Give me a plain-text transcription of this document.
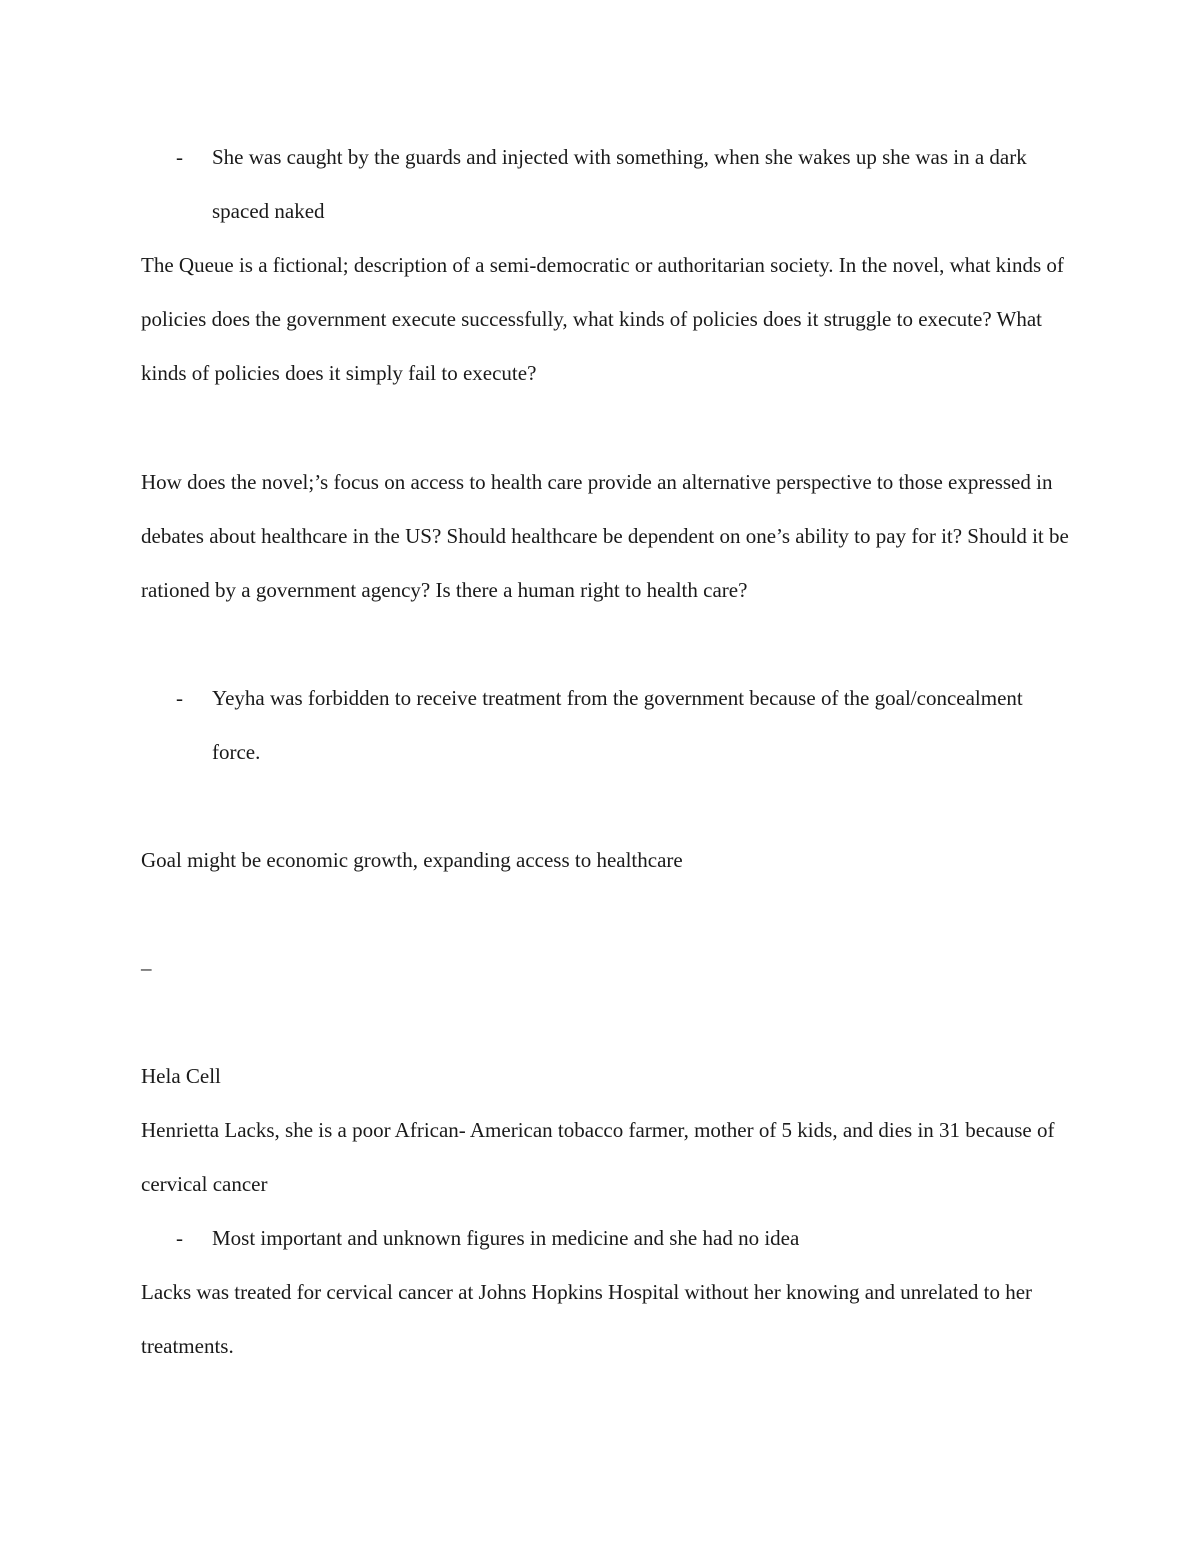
- She was caught by the guards and injected with something, when she wakes up she was in a dark spaced naked
The Queue is a fictional; description of a semi-democratic or authoritarian society. In the novel, what kinds of policies does the government execute successfully, what kinds of policies does it struggle to execute? What kinds of policies does it simply fail to execute?
How does the novel;’s focus on access to health care provide an alternative perspective to those expressed in debates about healthcare in the US? Should healthcare be dependent on one’s ability to pay for it? Should it be rationed by a government agency? Is there a human right to health care?
- Yeyha was forbidden to receive treatment from the government because of the goal/concealment force.
Goal might be economic growth, expanding access to healthcare
–
Hela Cell
Henrietta Lacks, she is a poor African- American tobacco farmer, mother of 5 kids, and dies in 31 because of cervical cancer
- Most important and unknown figures in medicine and she had no idea
Lacks was treated for cervical cancer at Johns Hopkins Hospital without her knowing and unrelated to her treatments.
